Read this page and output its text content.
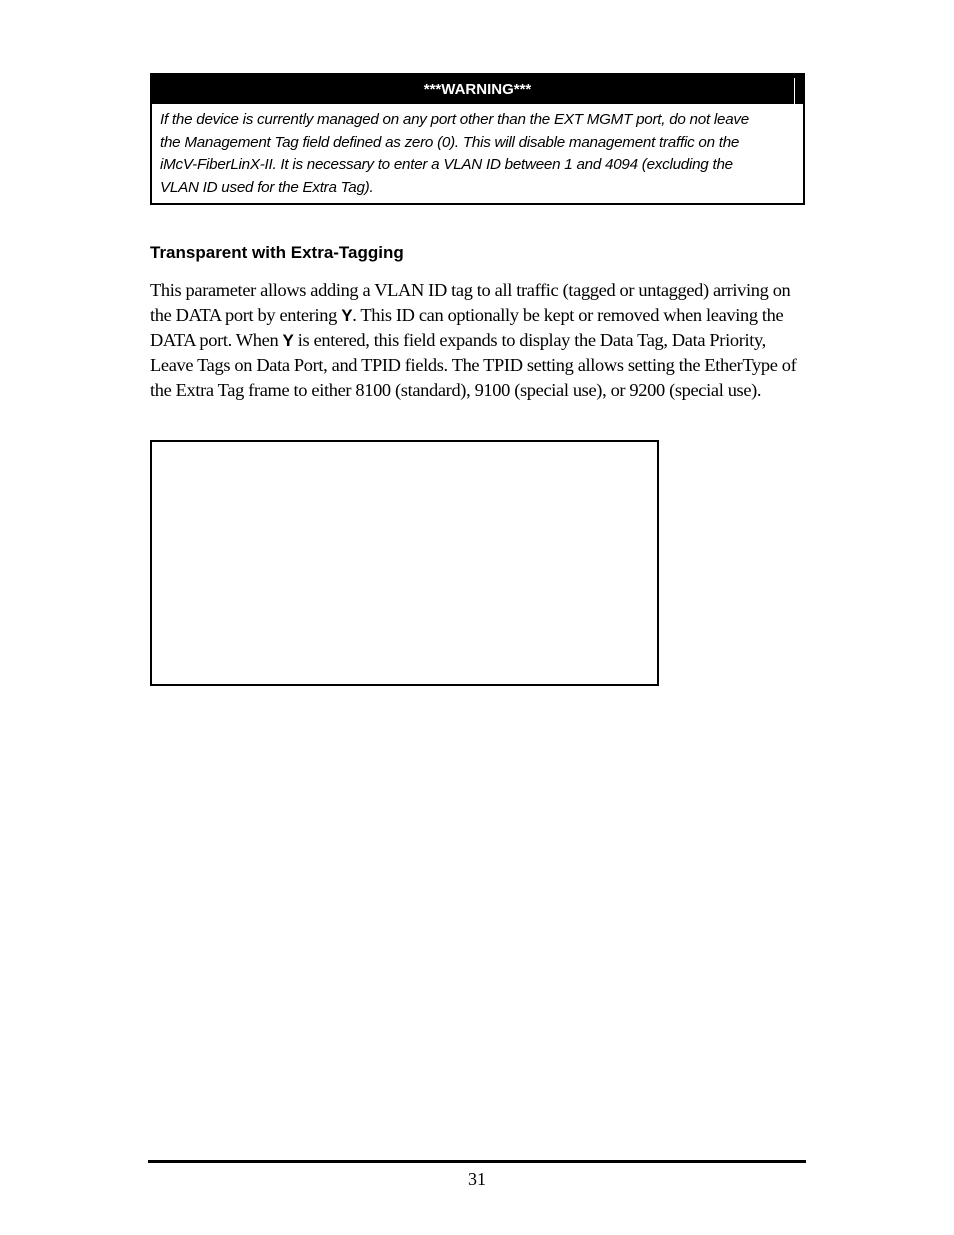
***WARNING***
If the device is currently managed on any port other than the EXT MGMT port, do not leave
the Management Tag field defined as zero (0). This will disable management traffic on the
iMcV-FiberLinX-II. It is necessary to enter a VLAN ID between 1 and 4094 (excluding the
VLAN ID used for the Extra Tag).
Transparent with Extra-Tagging

This parameter allows adding a VLAN ID tag to all traffic (tagged or untagged) arriving on the DATA port by entering Y. This ID can optionally be kept or removed when leaving the DATA port. When Y is entered, this field expands to display the Data Tag, Data Priority, Leave Tags on Data Port, and TPID fields. The TPID setting allows setting the EtherType of the Extra Tag frame to either 8100 (standard), 9100 (special use), or 9200 (special use).

31
